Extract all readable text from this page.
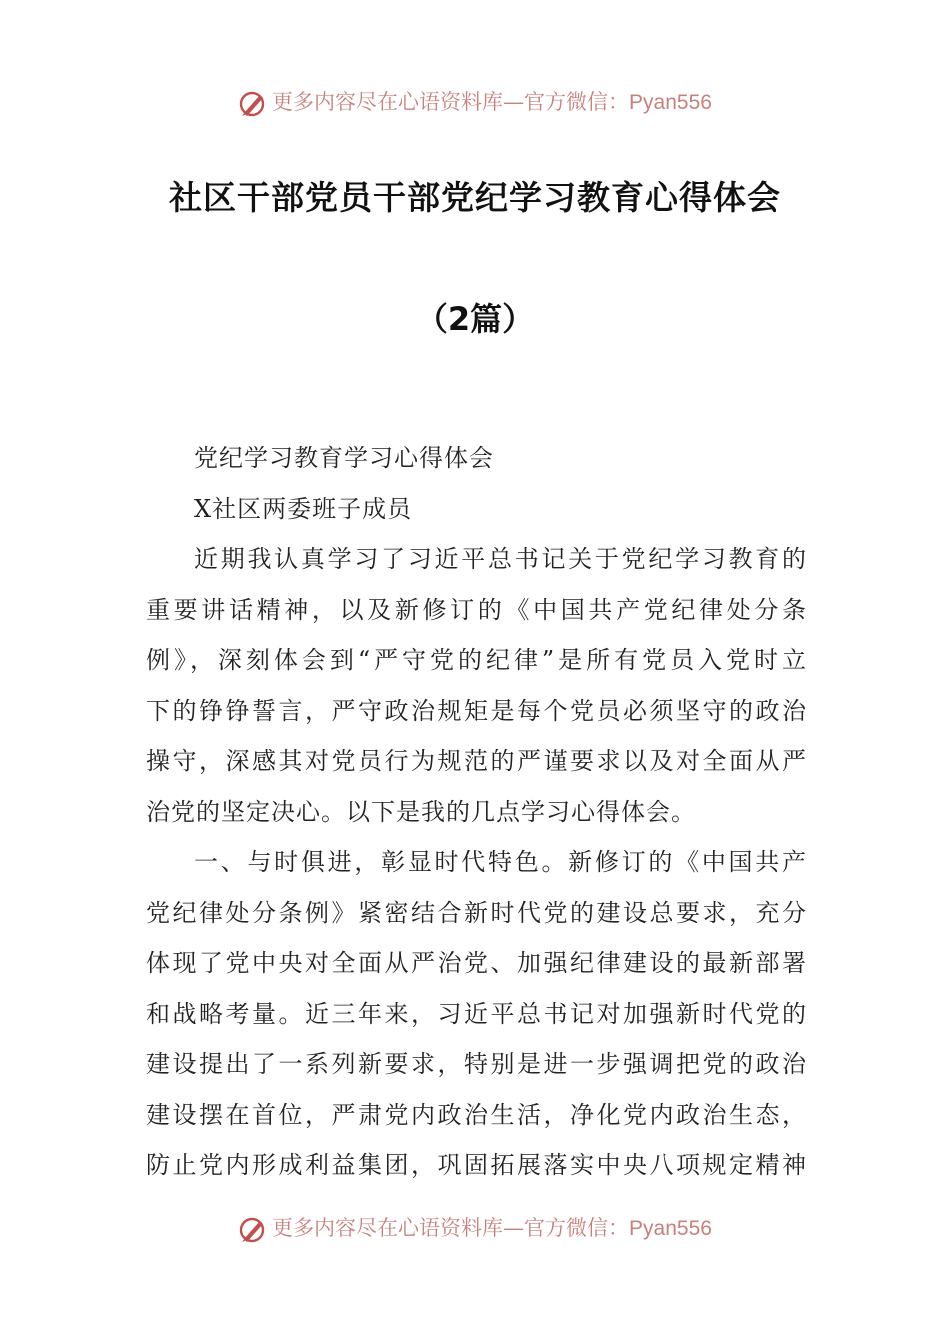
更多内容尽在心语资料库—官方微信：Pyan556
社区干部党员干部党纪学习教育心得体会
（2篇）
党纪学习教育学习心得体会
X社区两委班子成员
近期我认真学习了习近平总书记关于党纪学习教育的
重要讲话精神，以及新修订的《中国共产党纪律处分条
例》，深刻体会到“严守党的纪律”是所有党员入党时立
下的铮铮誓言，严守政治规矩是每个党员必须坚守的政治
操守，深感其对党员行为规范的严谨要求以及对全面从严
治党的坚定决心。以下是我的几点学习心得体会。
一、与时俱进，彰显时代特色。新修订的《中国共产
党纪律处分条例》紧密结合新时代党的建设总要求，充分
体现了党中央对全面从严治党、加强纪律建设的最新部署
和战略考量。近三年来，习近平总书记对加强新时代党的
建设提出了一系列新要求，特别是进一步强调把党的政治
建设摆在首位，严肃党内政治生活，净化党内政治生态，
防止党内形成利益集团，巩固拓展落实中央八项规定精神
更多内容尽在心语资料库—官方微信：Pyan556
